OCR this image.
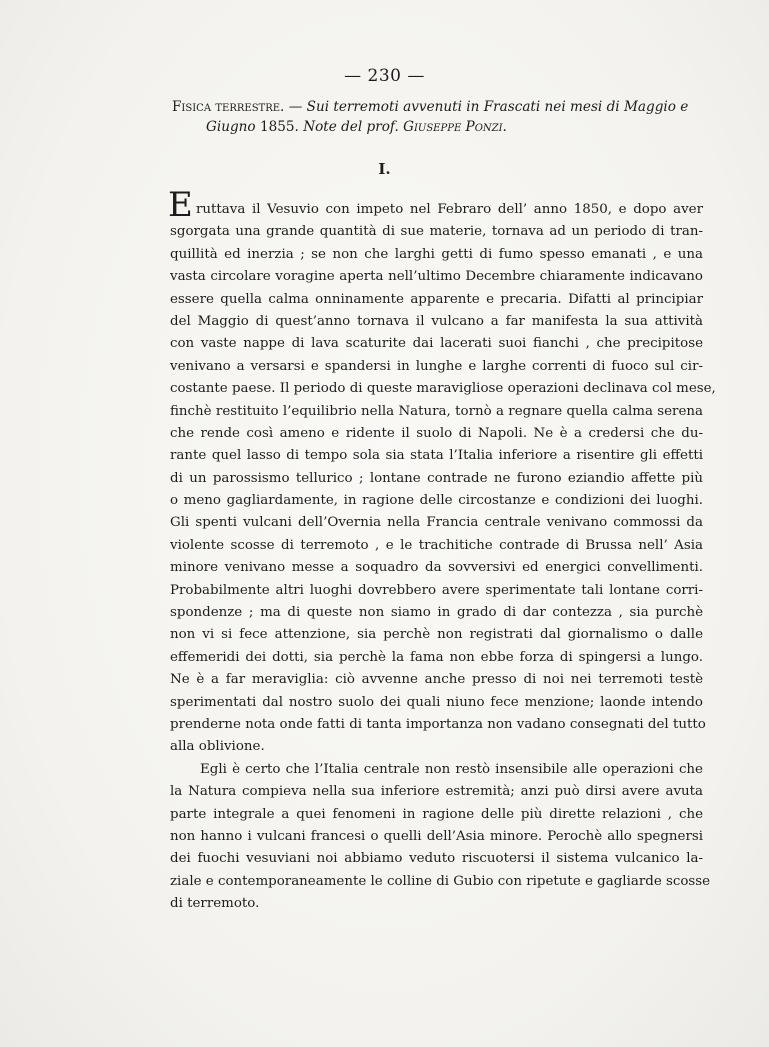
— 230 —
Fisica terrestre. — Sui terremoti avvenuti in Frascati nei mesi di Maggio e
Giugno 1855. Note del prof. Giuseppe Ponzi.
I.
E ruttava il Vesuvio con impeto nel Febraro dell’ anno 1850, e dopo aver
sgorgata una grande quantità di sue materie, tornava ad un periodo di tran-
quillità ed inerzia ; se non che larghi getti di fumo spesso emanati , e una
vasta circolare voragine aperta nell’ultimo Decembre chiaramente indicavano
essere quella calma onninamente apparente e precaria. Difatti al principiar
del Maggio di quest’anno tornava il vulcano a far manifesta la sua attività
con vaste nappe di lava scaturite dai lacerati suoi fianchi , che precipitose
venivano a versarsi e spandersi in lunghe e larghe correnti di fuoco sul cir-
costante paese. Il periodo di queste maravigliose operazioni declinava col mese,
finchè restituito l’equilibrio nella Natura, tornò a regnare quella calma serena
che rende così ameno e ridente il suolo di Napoli. Ne è a credersi che du-
rante quel lasso di tempo sola sia stata l’Italia inferiore a risentire gli effetti
di un parossismo tellurico ; lontane contrade ne furono eziandio affette più
o meno gagliardamente, in ragione delle circostanze e condizioni dei luoghi.
Gli spenti vulcani dell’Overnia nella Francia centrale venivano commossi da
violente scosse di terremoto , e le trachitiche contrade di Brussa nell’ Asia
minore venivano messe a soquadro da sovversivi ed energici convellimenti.
Probabilmente altri luoghi dovrebbero avere sperimentate tali lontane corri-
spondenze ; ma di queste non siamo in grado di dar contezza , sia purchè
non vi si fece attenzione, sia perchè non registrati dal giornalismo o dalle
effemeridi dei dotti, sia perchè la fama non ebbe forza di spingersi a lungo.
Ne è a far meraviglia: ciò avvenne anche presso di noi nei terremoti testè
sperimentati dal nostro suolo dei quali niuno fece menzione; laonde intendo
prenderne nota onde fatti di tanta importanza non vadano consegnati del tutto
alla oblivione.
Egli è certo che l’Italia centrale non restò insensibile alle operazioni che
la Natura compieva nella sua inferiore estremità; anzi può dirsi avere avuta
parte integrale a quei fenomeni in ragione delle più dirette relazioni , che
non hanno i vulcani francesi o quelli dell’Asia minore. Perochè allo spegnersi
dei fuochi vesuviani noi abbiamo veduto riscuotersi il sistema vulcanico la-
ziale e contemporaneamente le colline di Gubio con ripetute e gagliarde scosse
di terremoto.
